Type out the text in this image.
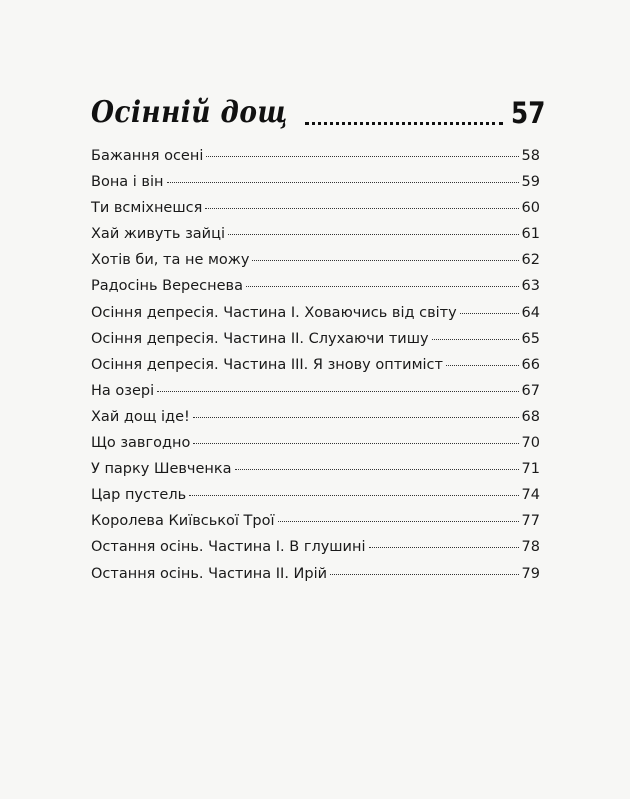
Осінній дощ	57
Бажання осені	58
Вона і він	59
Ти всміхнешся	60
Хай живуть зайці	61
Хотів би, та не можу	62
Радосінь Вереснева	63
Осіння депресія. Частина I. Ховаючись від світу	64
Осіння депресія. Частина II. Слухаючи тишу	65
Осіння депресія. Частина III. Я знову оптиміст	66
На озері	67
Хай дощ іде!	68
Що завгодно	70
У парку Шевченка	71
Цар пустель	74
Королева Київської Трої	77
Остання осінь. Частина I. В глушині	78
Остання осінь. Частина II. Ирій	79
